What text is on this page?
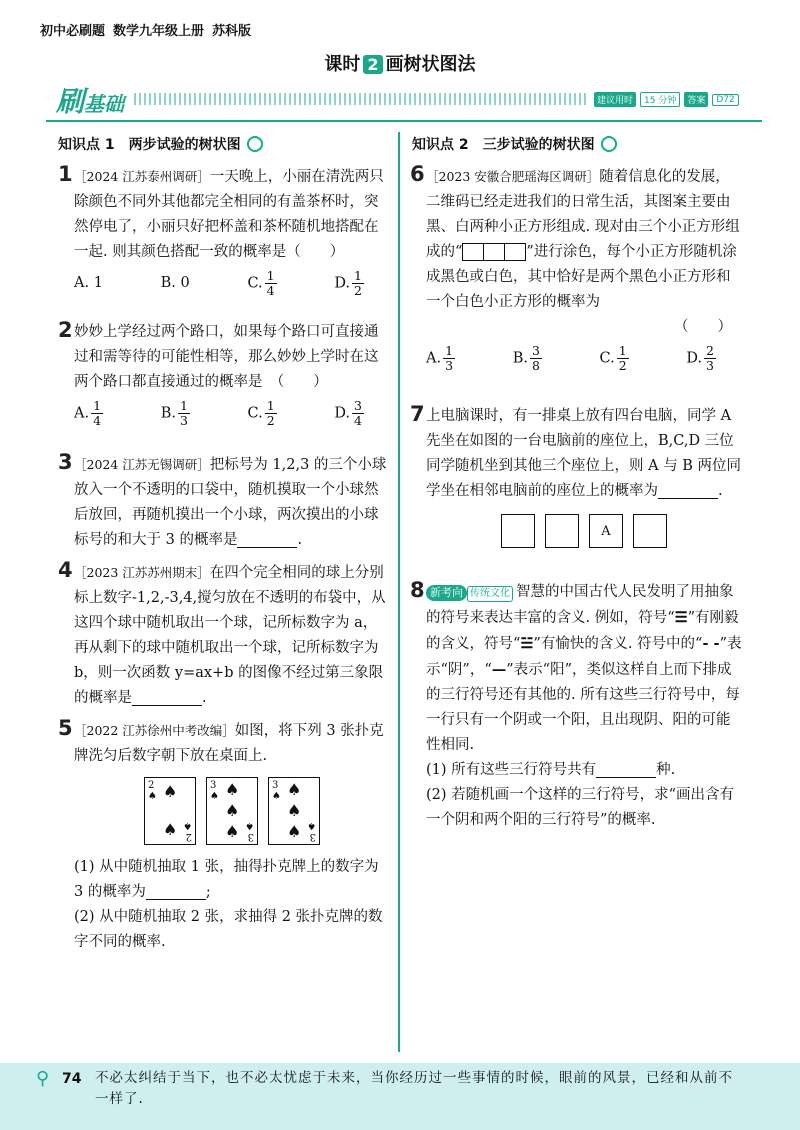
初中必刷题 数学九年级上册 苏科版
课时 2 画树状图法
刷基础	建议用时	15 分钟	答案	D72
知识点 1　两步试验的树状图
1 ［2024 江苏泰州调研］一天晚上，小丽在清洗两只除颜色不同外其他都完全相同的有盖茶杯时，突然停电了，小丽只好把杯盖和茶杯随机地搭配在一起. 则其颜色搭配一致的概率是（　　）
A. 1	B. 0	C. $\frac{1}{4}$	D. $\frac{1}{2}$
2 妙妙上学经过两个路口，如果每个路口可直接通过和需等待的可能性相等，那么妙妙上学时在这两个路口都直接通过的概率是　（　　）
A. $\frac{1}{4}$	B. $\frac{1}{3}$	C. $\frac{1}{2}$	D. $\frac{3}{4}$
3 ［2024 江苏无锡调研］把标号为 1,2,3 的三个小球放入一个不透明的口袋中，随机摸取一个小球然后放回，再随机摸出一个小球，两次摸出的小球标号的和大于 3 的概率是	.
4 ［2023 江苏苏州期末］在四个完全相同的球上分别标上数字-1,2,-3,4,搅匀放在不透明的布袋中，从这四个球中随机取出一个球，记所标数字为 a，再从剩下的球中随机取出一个球，记所标数字为 b，则一次函数 y=ax+b 的图像不经过第三象限的概率是	.
5 ［2022 江苏徐州中考改编］如图，将下列 3 张扑克牌洗匀后数字朝下放在桌面上.
2
♠ ♠
♠ 2
♠
3
♠ ♠
♠
♠ 3
♠
3
♠ ♠
♠
♠ 3
♠
(1) 从中随机抽取 1 张，抽得扑克牌上的数字为 3 的概率为	;
(2) 从中随机抽取 2 张，求抽得 2 张扑克牌的数字不同的概率.
知识点 2　三步试验的树状图
6 ［2023 安徽合肥瑶海区调研］随着信息化的发展，二维码已经走进我们的日常生活，其图案主要由黑、白两种小正方形组成. 现对由三个小正方形组成的“	”进行涂色，每个小正方形随机涂成黑色或白色，其中恰好是两个黑色小正方形和一个白色小正方形的概率为
（　　）
A. $\frac{1}{3}$	B. $\frac{3}{8}$	C. $\frac{1}{2}$	D. $\frac{2}{3}$
7 上电脑课时，有一排桌上放有四台电脑，同学 A 先坐在如图的一台电脑前的座位上，B,C,D 三位同学随机坐到其他三个座位上，则 A 与 B 两位同学坐在相邻电脑前的座位上的概率为	.
A
8 新考向 传统文化 智慧的中国古代人民发明了用抽象的符号来表达丰富的含义. 例如，符号“☰”有刚毅的含义，符号“☱”有愉快的含义. 符号中的“- -”表示“阴”，“—”表示“阳”，类似这样自上而下排成的三行符号还有其他的. 所有这些三行符号中，每一行只有一个阴或一个阳，且出现阴、阳的可能性相同.
(1) 所有这些三行符号共有	种.
(2) 若随机画一个这样的三行符号，求“画出含有一个阴和两个阳的三行符号”的概率.
⚲ 74 不必太纠结于当下，也不必太忧虑于未来，当你经历过一些事情的时候，眼前的风景，已经和从前不一样了.
